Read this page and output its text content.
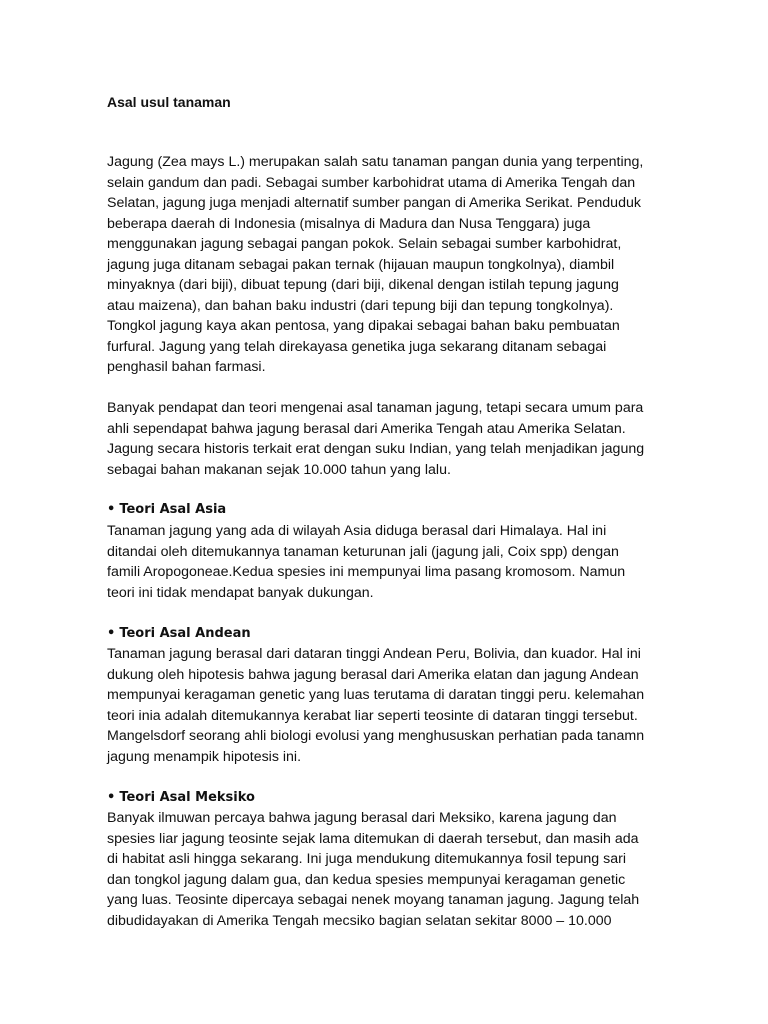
Asal usul tanaman
Jagung (Zea mays L.) merupakan salah satu tanaman pangan dunia yang terpenting,
selain gandum dan padi. Sebagai sumber karbohidrat utama di Amerika Tengah dan
Selatan, jagung juga menjadi alternatif sumber pangan di Amerika Serikat. Penduduk
beberapa daerah di Indonesia (misalnya di Madura dan Nusa Tenggara) juga
menggunakan jagung sebagai pangan pokok. Selain sebagai sumber karbohidrat,
jagung juga ditanam sebagai pakan ternak (hijauan maupun tongkolnya), diambil
minyaknya (dari biji), dibuat tepung (dari biji, dikenal dengan istilah tepung jagung
atau maizena), dan bahan baku industri (dari tepung biji dan tepung tongkolnya).
Tongkol jagung kaya akan pentosa, yang dipakai sebagai bahan baku pembuatan
furfural. Jagung yang telah direkayasa genetika juga sekarang ditanam sebagai
penghasil bahan farmasi.
Banyak pendapat dan teori mengenai asal tanaman jagung, tetapi secara umum para
ahli sependapat bahwa jagung berasal dari Amerika Tengah atau Amerika Selatan.
Jagung secara historis terkait erat dengan suku Indian, yang telah menjadikan jagung
sebagai bahan makanan sejak 10.000 tahun yang lalu.
• Teori Asal Asia
Tanaman jagung yang ada di wilayah Asia diduga berasal dari Himalaya. Hal ini
ditandai oleh ditemukannya tanaman keturunan jali (jagung jali, Coix spp) dengan
famili Aropogoneae.Kedua spesies ini mempunyai lima pasang kromosom. Namun
teori ini tidak mendapat banyak dukungan.
• Teori Asal Andean
Tanaman jagung berasal dari dataran tinggi Andean Peru, Bolivia, dan kuador. Hal ini
dukung oleh hipotesis bahwa jagung berasal dari Amerika elatan dan jagung Andean
mempunyai keragaman genetic yang luas terutama di daratan tinggi peru. kelemahan
teori inia adalah ditemukannya kerabat liar seperti teosinte di dataran tinggi tersebut.
Mangelsdorf seorang ahli biologi evolusi yang menghususkan perhatian pada tanamn
jagung menampik hipotesis ini.
• Teori Asal Meksiko
Banyak ilmuwan percaya bahwa jagung berasal dari Meksiko, karena jagung dan
spesies liar jagung teosinte sejak lama ditemukan di daerah tersebut, dan masih ada
di habitat asli hingga sekarang. Ini juga mendukung ditemukannya fosil tepung sari
dan tongkol jagung dalam gua, dan kedua spesies mempunyai keragaman genetic
yang luas. Teosinte dipercaya sebagai nenek moyang tanaman jagung. Jagung telah
dibudidayakan di Amerika Tengah mecsiko bagian selatan sekitar 8000 – 10.000
